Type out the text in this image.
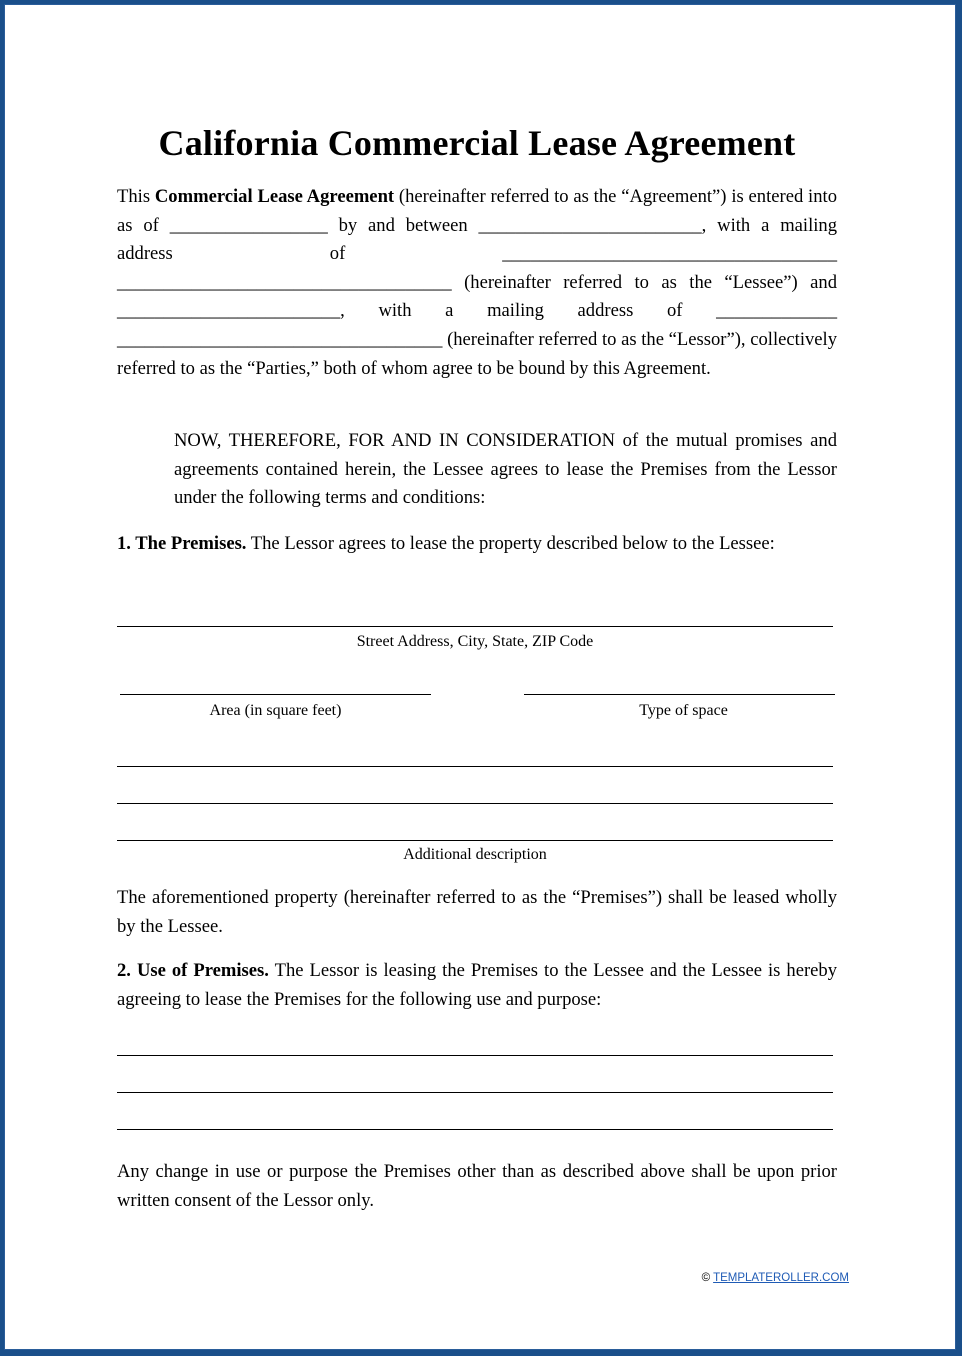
California Commercial Lease Agreement
This Commercial Lease Agreement (hereinafter referred to as the “Agreement”) is entered into as of _________________ by and between ________________________, with a mailing address of ____________________________________ ____________________________________ (hereinafter referred to as the “Lessee”) and ________________________, with a mailing address of _____________ ___________________________________ (hereinafter referred to as the “Lessor”), collectively referred to as the “Parties,” both of whom agree to be bound by this Agreement.
NOW, THEREFORE, FOR AND IN CONSIDERATION of the mutual promises and agreements contained herein, the Lessee agrees to lease the Premises from the Lessor under the following terms and conditions:
1. The Premises. The Lessor agrees to lease the property described below to the Lessee:
Street Address, City, State, ZIP Code
Area (in square feet)	Type of space
Additional description
The aforementioned property (hereinafter referred to as the “Premises”) shall be leased wholly by the Lessee.
2. Use of Premises. The Lessor is leasing the Premises to the Lessee and the Lessee is hereby agreeing to lease the Premises for the following use and purpose:
Any change in use or purpose the Premises other than as described above shall be upon prior written consent of the Lessor only.
© TEMPLATEROLLER.COM
